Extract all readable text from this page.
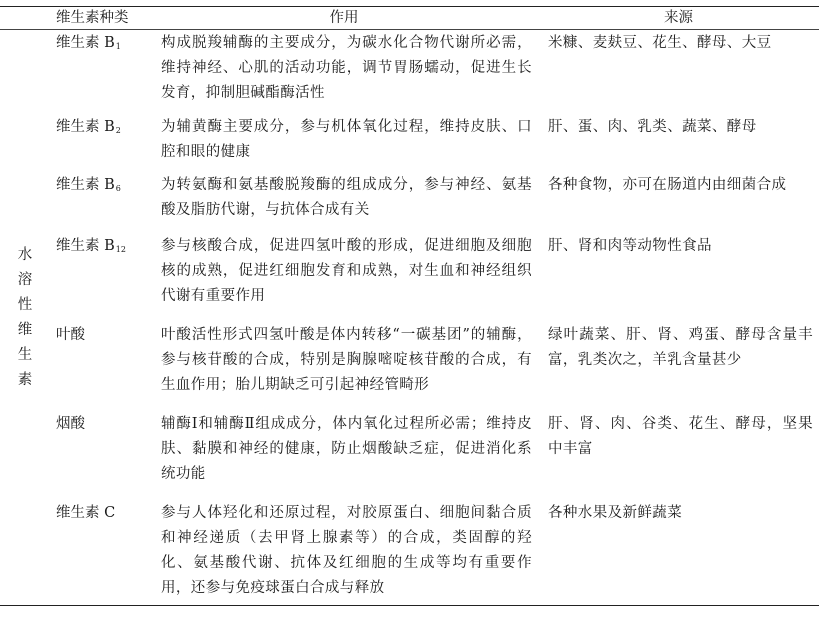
	维生素种类	作用	来源
水溶性维生素	维生素 $B_1$	构成脱羧辅酶的主要成分，为碳水化合物代谢所必需，维持神经、心肌的活动功能，调节胃肠蠕动，促进生长发育，抑制胆碱酯酶活性	米糠、麦麸豆、花生、酵母、大豆
	维生素 $B_2$	为辅黄酶主要成分，参与机体氧化过程，维持皮肤、口腔和眼的健康	肝、蛋、肉、乳类、蔬菜、酵母
	维生素 $B_6$	为转氨酶和氨基酸脱羧酶的组成成分，参与神经、氨基酸及脂肪代谢，与抗体合成有关	各种食物，亦可在肠道内由细菌合成
	维生素 $B_{12}$	参与核酸合成，促进四氢叶酸的形成，促进细胞及细胞核的成熟，促进红细胞发育和成熟，对生血和神经组织代谢有重要作用	肝、肾和肉等动物性食品
	叶酸	叶酸活性形式四氢叶酸是体内转移“一碳基团”的辅酶，参与核苷酸的合成，特别是胸腺嘧啶核苷酸的合成，有生血作用；胎儿期缺乏可引起神经管畸形	绿叶蔬菜、肝、肾、鸡蛋、酵母含量丰富，乳类次之，羊乳含量甚少
	烟酸	辅酶Ⅰ和辅酶Ⅱ组成成分，体内氧化过程所必需；维持皮肤、黏膜和神经的健康，防止烟酸缺乏症，促进消化系统功能	肝、肾、肉、谷类、花生、酵母，坚果中丰富
	维生素 C	参与人体羟化和还原过程，对胶原蛋白、细胞间黏合质和神经递质（去甲肾上腺素等）的合成，类固醇的羟化、氨基酸代谢、抗体及红细胞的生成等均有重要作用，还参与免疫球蛋白合成与释放	各种水果及新鲜蔬菜
